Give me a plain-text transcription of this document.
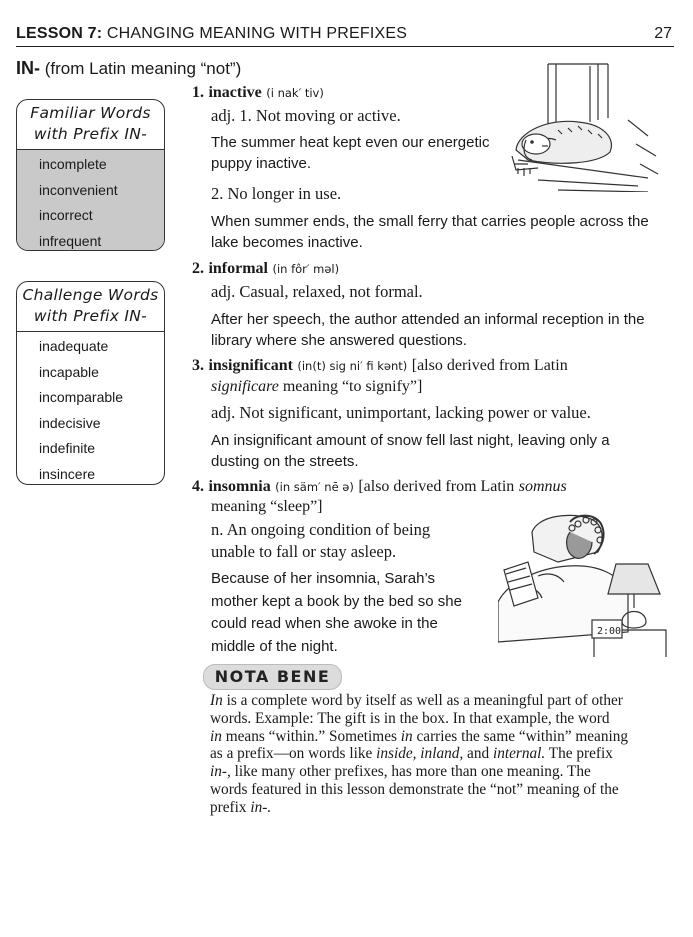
LESSON 7: CHANGING MEANING WITH PREFIXES	27
IN- (from Latin meaning “not”)
Familiar Words
with Prefix IN-
incomplete
inconvenient
incorrect
infrequent
Challenge Words
with Prefix IN-
inadequate
incapable
incomparable
indecisive
indefinite
insincere
1. inactive (i nak′ tiv)
adj. 1. Not moving or active.
The summer heat kept even our energetic
puppy inactive.
2. No longer in use.
When summer ends, the small ferry that carries people across the
lake becomes inactive.
2. informal (in fôr′ məl)
adj. Casual, relaxed, not formal.
After her speech, the author attended an informal reception in the
library where she answered questions.
3. insignificant (in(t) sig ni′ fi kənt) [also derived from Latin
significare meaning “to signify”]
adj. Not significant, unimportant, lacking power or value.
An insignificant amount of snow fell last night, leaving only a
dusting on the streets.
4. insomnia (in säm′ nē ə) [also derived from Latin somnus
meaning “sleep”]
n. An ongoing condition of being
unable to fall or stay asleep.
Because of her insomnia, Sarah’s
mother kept a book by the bed so she
could read when she awoke in the
middle of the night.
2:00
NOTA BENE
In is a complete word by itself as well as a meaningful part of other
words. Example: The gift is in the box. In that example, the word
in means “within.” Sometimes in carries the same “within” meaning
as a prefix—on words like inside, inland, and internal. The prefix
in-, like many other prefixes, has more than one meaning. The
words featured in this lesson demonstrate the “not” meaning of the
prefix in-.
